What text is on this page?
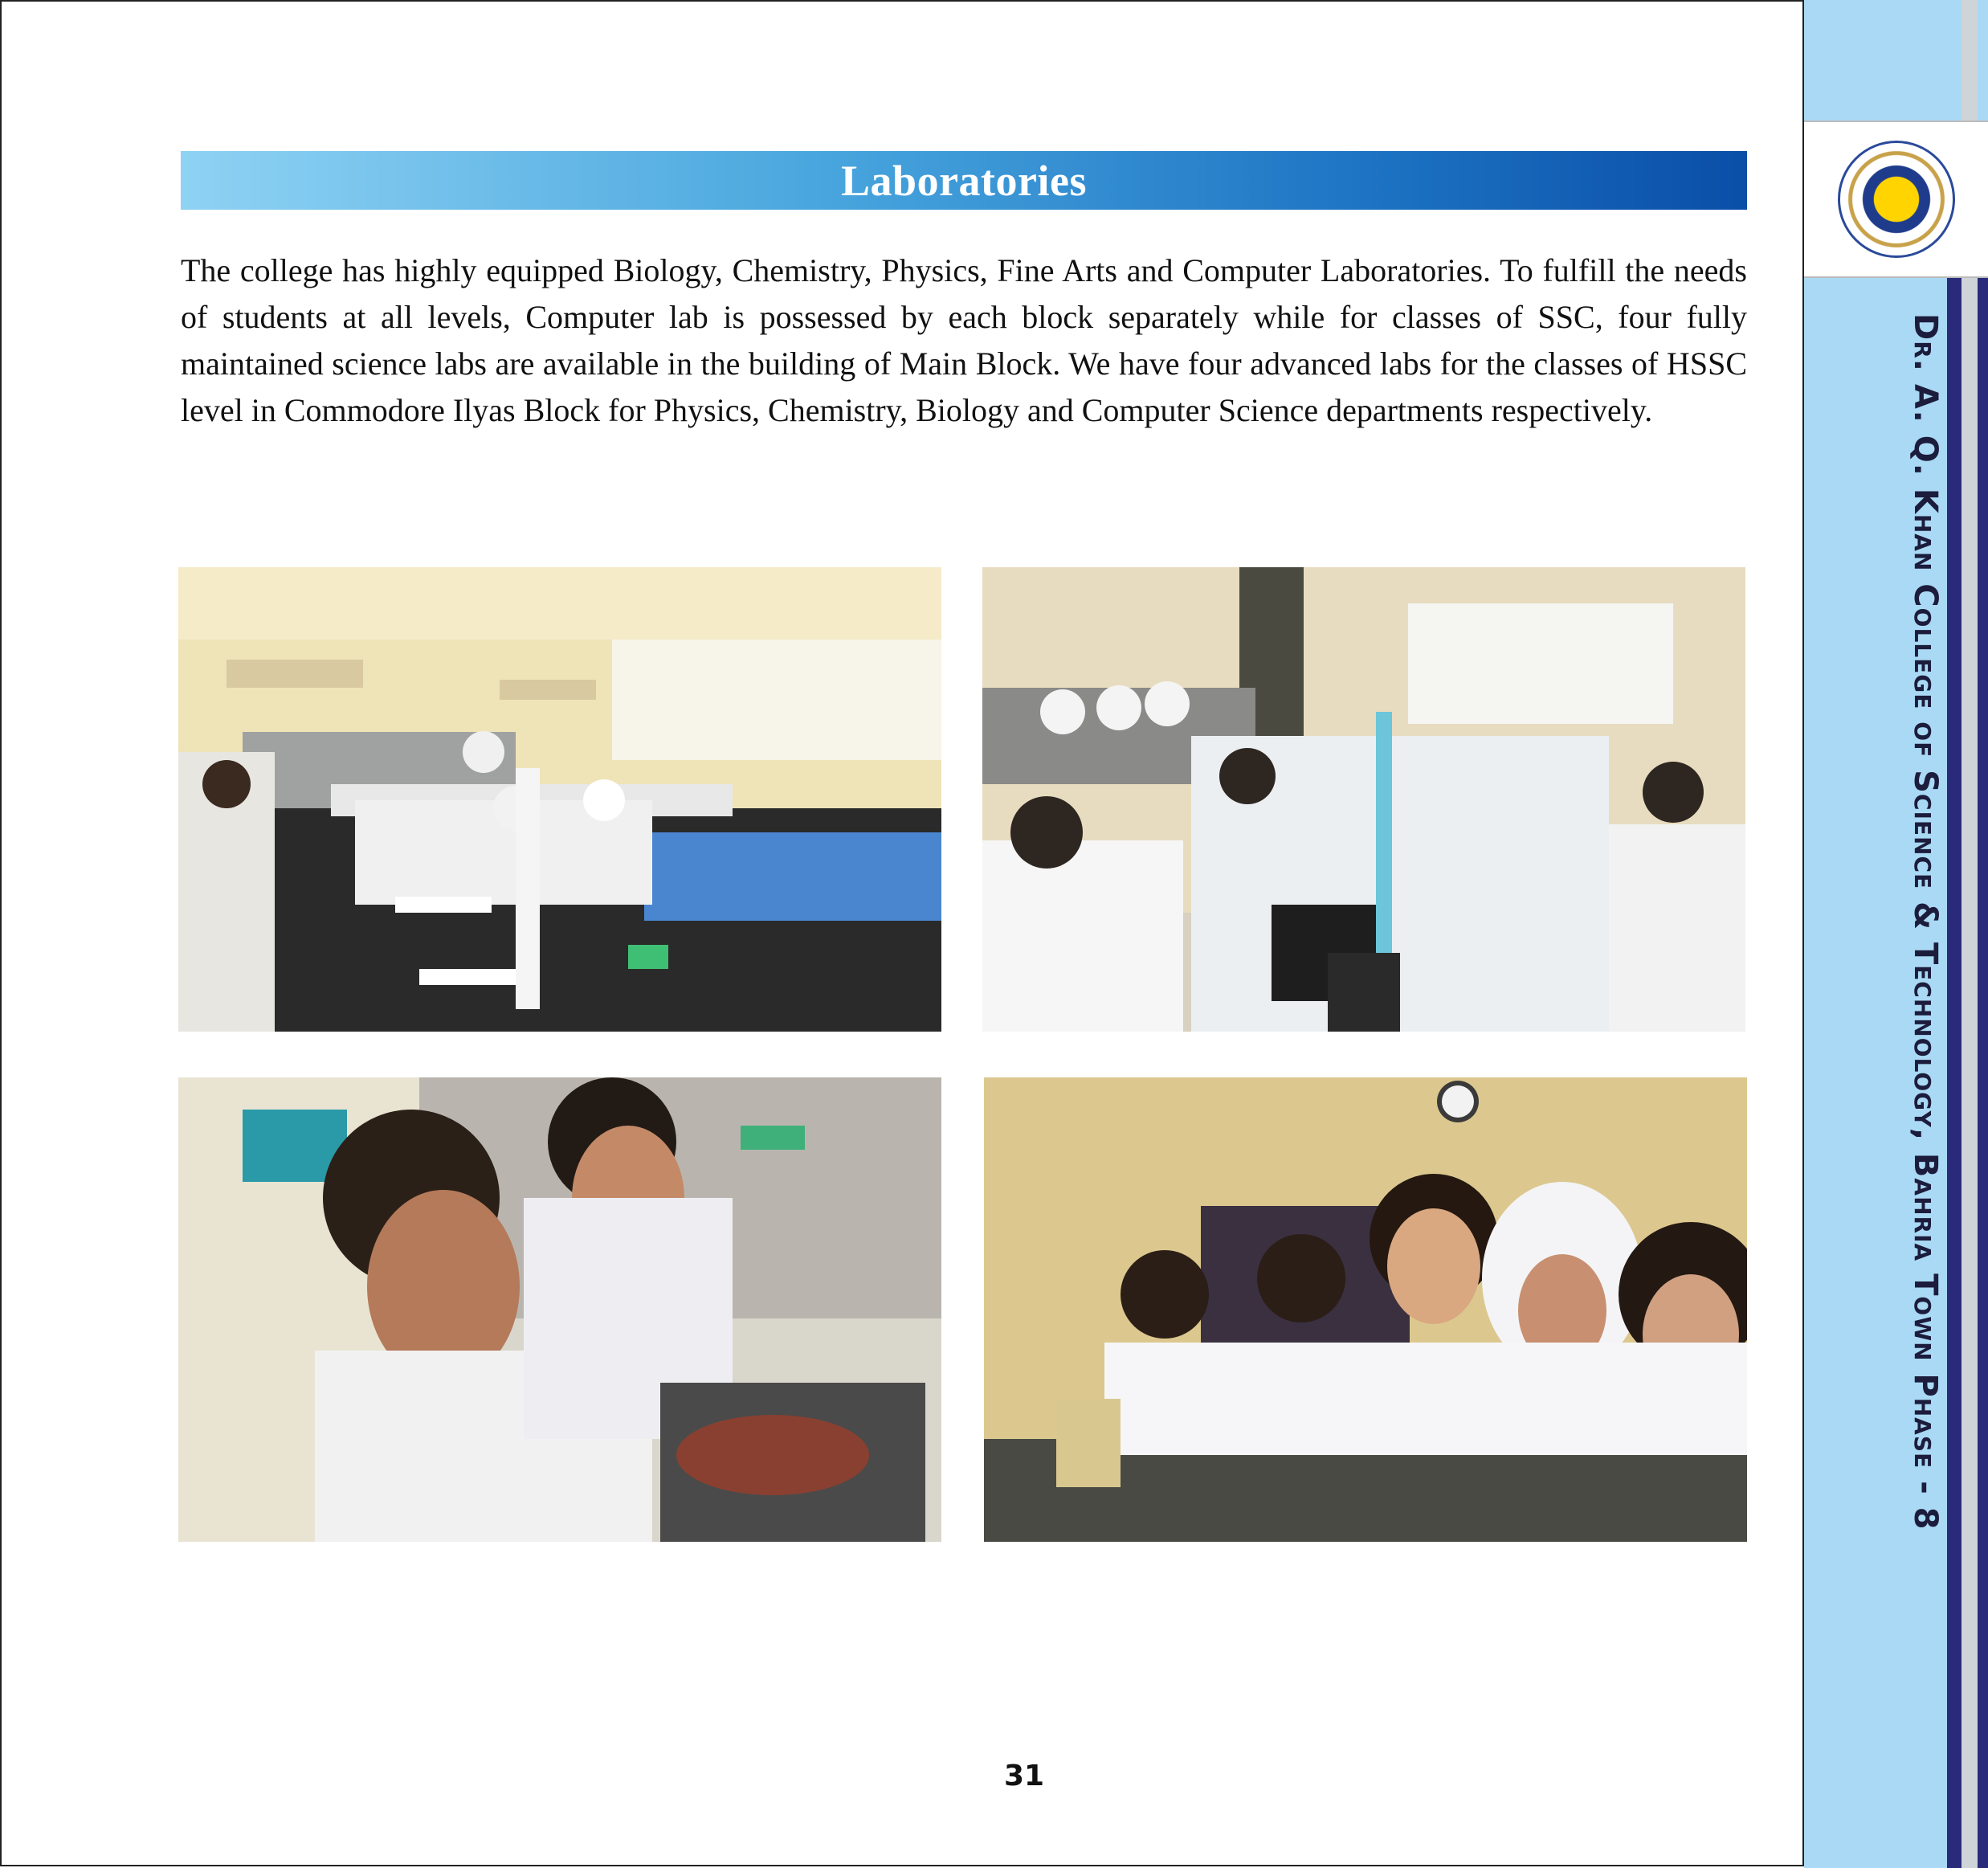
Dr. A. Q. Khan College of Science & Technology, Bahria Town Phase - 8
Laboratories

The college has highly equipped Biology, Chemistry, Physics, Fine Arts and Computer Laboratories. To fulfill the needs of students at all levels, Computer lab is possessed by each block separately while for classes of SSC, four fully maintained science labs are available in the building of Main Block. We have four advanced labs for the classes of HSSC level in Commodore Ilyas Block for Physics, Chemistry, Biology and Computer Science departments respectively.

31
